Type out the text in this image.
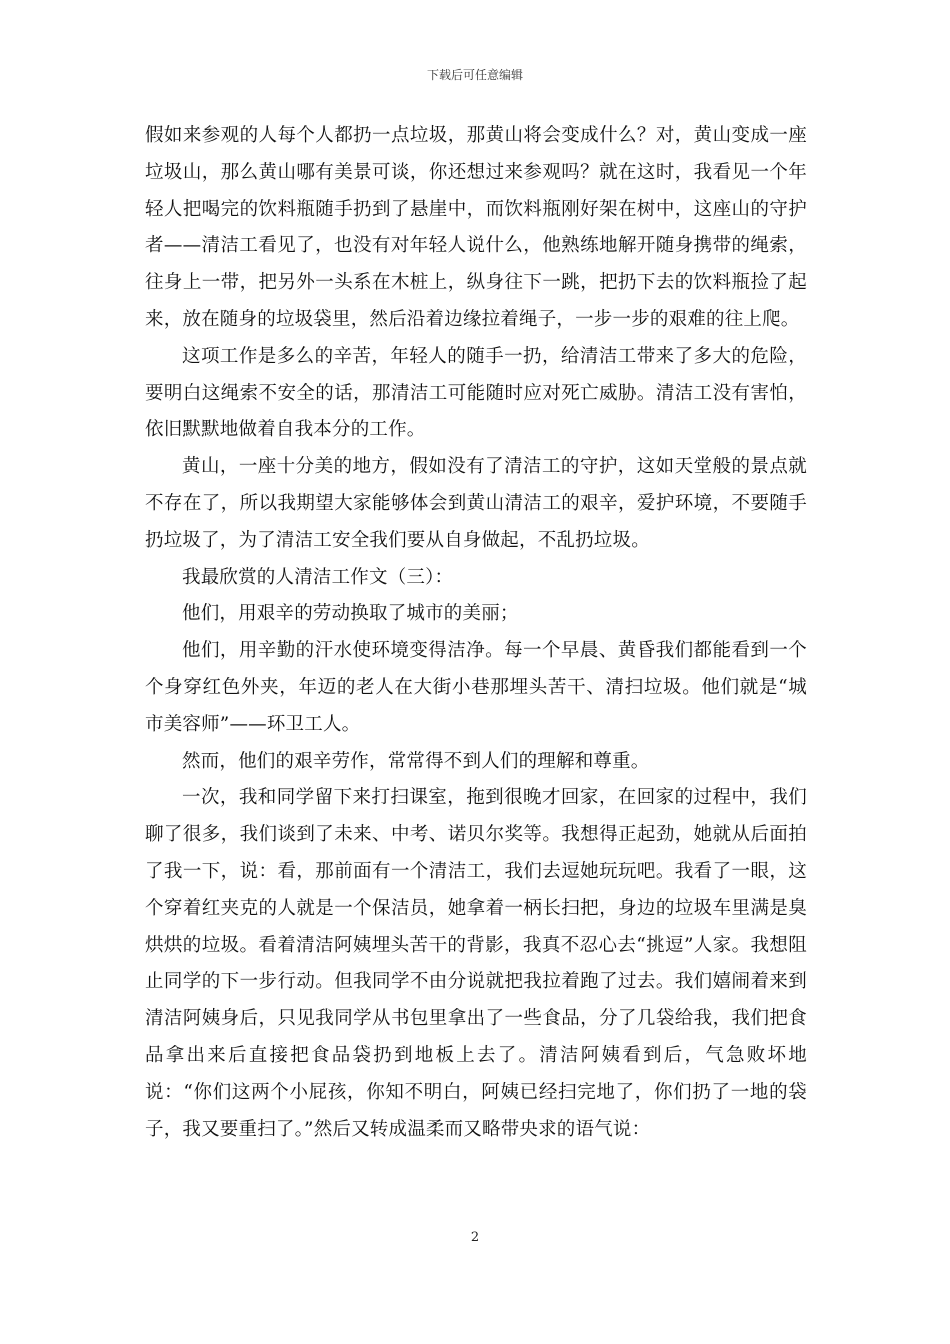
下载后可任意编辑

假如来参观的人每个人都扔一点垃圾，那黄山将会变成什么？对，黄山变成一座垃圾山，那么黄山哪有美景可谈，你还想过来参观吗？就在这时，我看见一个年轻人把喝完的饮料瓶随手扔到了悬崖中，而饮料瓶刚好架在树中，这座山的守护者——清洁工看见了，也没有对年轻人说什么，他熟练地解开随身携带的绳索，往身上一带，把另外一头系在木桩上，纵身往下一跳，把扔下去的饮料瓶捡了起来，放在随身的垃圾袋里，然后沿着边缘拉着绳子，一步一步的艰难的往上爬。

这项工作是多么的辛苦，年轻人的随手一扔，给清洁工带来了多大的危险，要明白这绳索不安全的话，那清洁工可能随时应对死亡威胁。清洁工没有害怕，依旧默默地做着自我本分的工作。

黄山，一座十分美的地方，假如没有了清洁工的守护，这如天堂般的景点就不存在了，所以我期望大家能够体会到黄山清洁工的艰辛，爱护环境，不要随手扔垃圾了，为了清洁工安全我们要从自身做起，不乱扔垃圾。

我最欣赏的人清洁工作文（三）：

他们，用艰辛的劳动换取了城市的美丽；

他们，用辛勤的汗水使环境变得洁净。每一个早晨、黄昏我们都能看到一个个身穿红色外夹，年迈的老人在大街小巷那埋头苦干、清扫垃圾。他们就是“城市美容师”——环卫工人。

然而，他们的艰辛劳作，常常得不到人们的理解和尊重。

一次，我和同学留下来打扫课室，拖到很晚才回家，在回家的过程中，我们聊了很多，我们谈到了未来、中考、诺贝尔奖等。我想得正起劲，她就从后面拍了我一下，说：看，那前面有一个清洁工，我们去逗她玩玩吧。我看了一眼，这个穿着红夹克的人就是一个保洁员，她拿着一柄长扫把，身边的垃圾车里满是臭烘烘的垃圾。看着清洁阿姨埋头苦干的背影，我真不忍心去“挑逗”人家。我想阻止同学的下一步行动。但我同学不由分说就把我拉着跑了过去。我们嬉闹着来到清洁阿姨身后，只见我同学从书包里拿出了一些食品，分了几袋给我，我们把食品拿出来后直接把食品袋扔到地板上去了。清洁阿姨看到后，气急败坏地说：“你们这两个小屁孩，你知不明白，阿姨已经扫完地了，你们扔了一地的袋子，我又要重扫了。”然后又转成温柔而又略带央求的语气说：

2
